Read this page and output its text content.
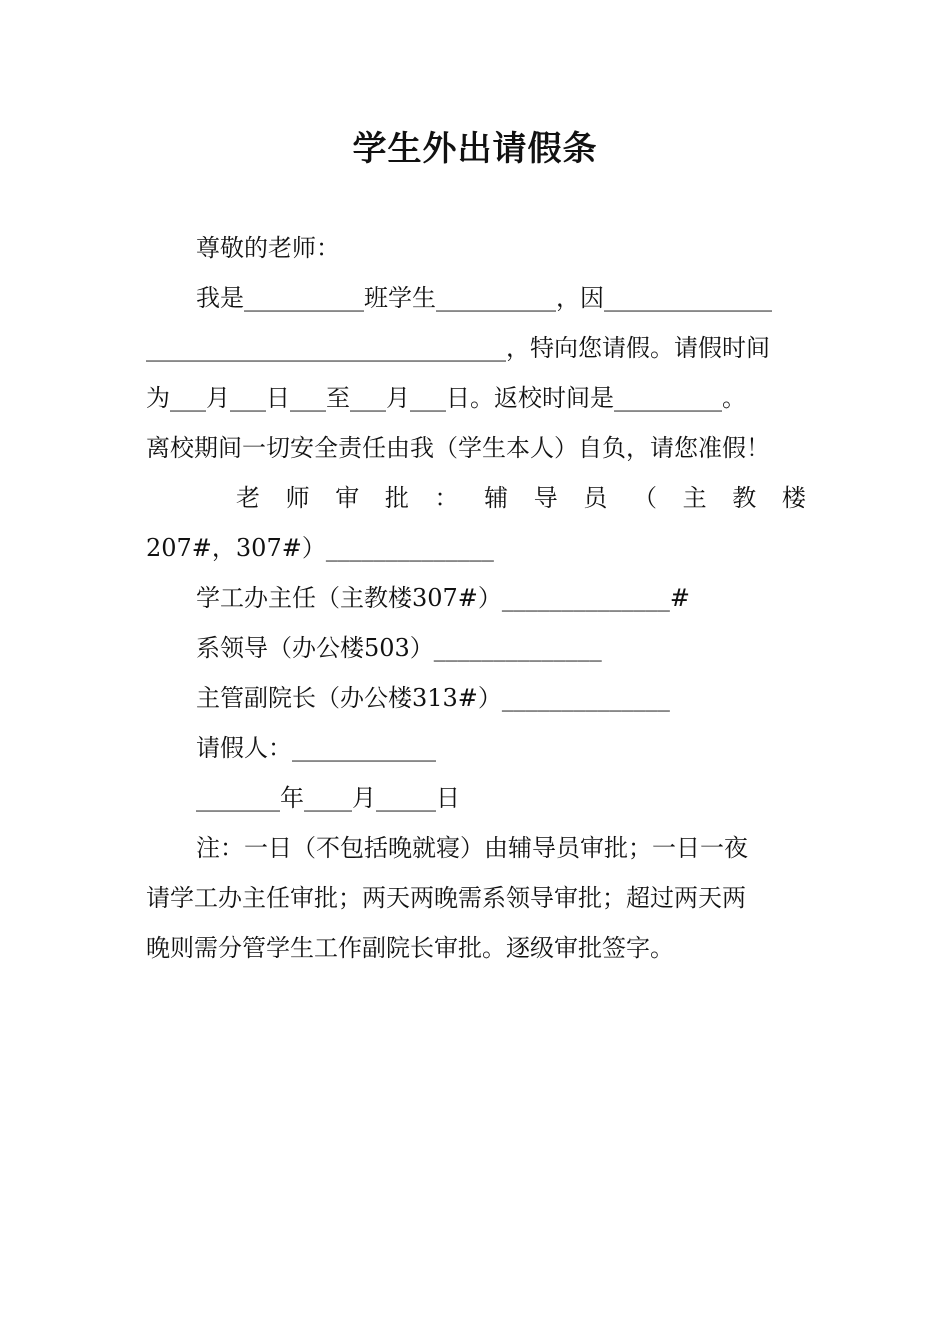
学生外出请假条
尊敬的老师：
我是__________班学生__________，因______________
______________________________，特向您请假。请假时间
为___月___日___至___月___日。返校时间是_________。
离校期间一切安全责任由我（学生本人）自负，请您准假！
老 师 审 批 ： 辅 导 员 （ 主 教 楼
207#，307#）______________
学工办主任（主教楼307#）______________#
系领导（办公楼503）______________
主管副院长（办公楼313#）______________
请假人：____________
_______年____月_____日
注：一日（不包括晚就寝）由辅导员审批；一日一夜
请学工办主任审批；两天两晚需系领导审批；超过两天两
晚则需分管学生工作副院长审批。逐级审批签字。
